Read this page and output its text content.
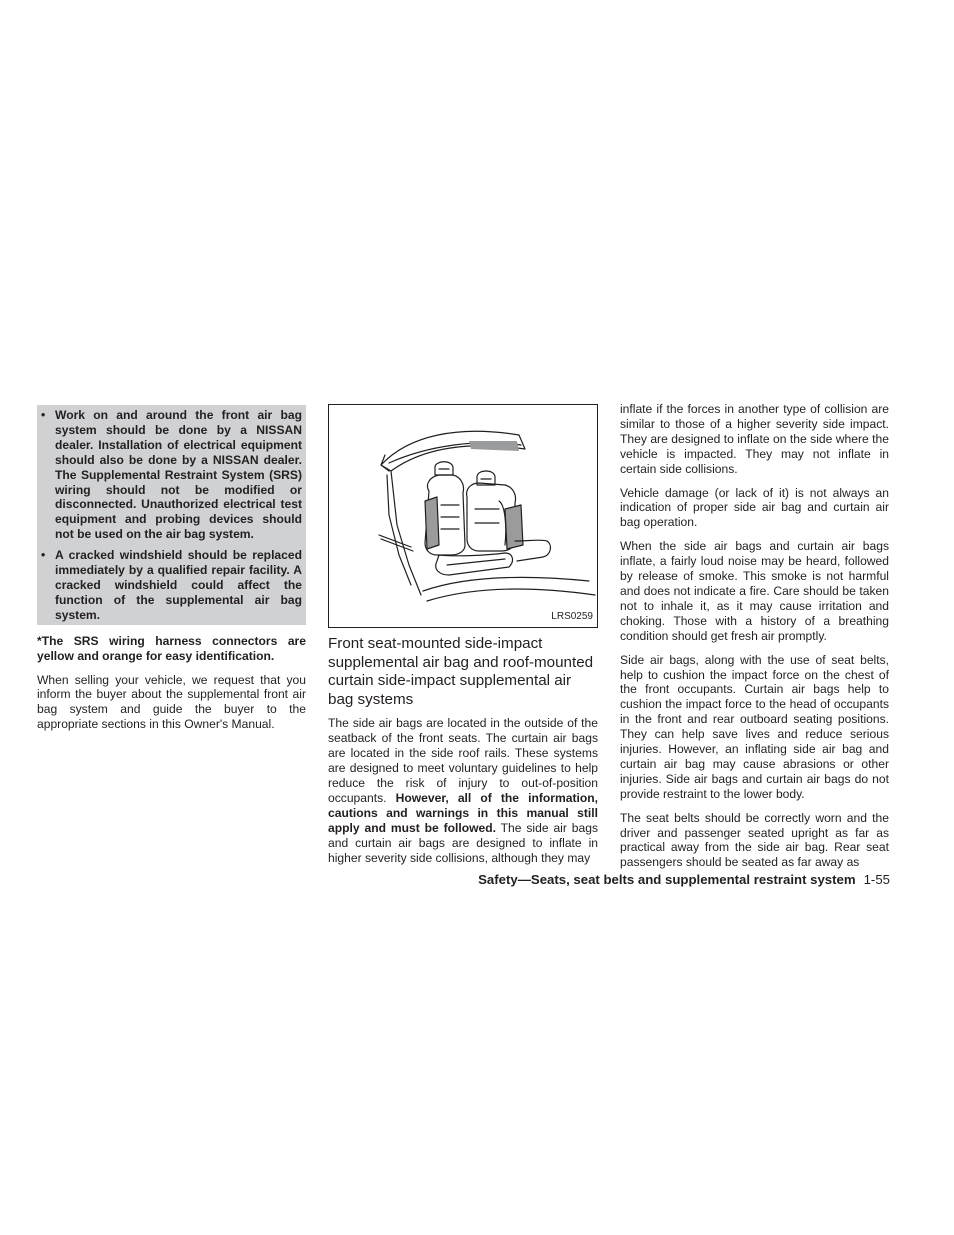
• Work on and around the front air bag system should be done by a NISSAN dealer. Installation of electrical equipment should also be done by a NISSAN dealer. The Supplemental Restraint System (SRS) wiring should not be modified or disconnected. Unauthorized electrical test equipment and probing devices should not be used on the air bag system.
• A cracked windshield should be replaced immediately by a qualified repair facility. A cracked windshield could affect the function of the supplemental air bag system.

*The SRS wiring harness connectors are yellow and orange for easy identification.

When selling your vehicle, we request that you inform the buyer about the supplemental front air bag system and guide the buyer to the appropriate sections in this Owner's Manual.

LRS0259
Front seat-mounted side-impact supplemental air bag and roof-mounted curtain side-impact supplemental air bag systems

The side air bags are located in the outside of the seatback of the front seats. The curtain air bags are located in the side roof rails. These systems are designed to meet voluntary guidelines to help reduce the risk of injury to out-of-position occupants. However, all of the information, cautions and warnings in this manual still apply and must be followed. The side air bags and curtain air bags are designed to inflate in higher severity side collisions, although they may

inflate if the forces in another type of collision are similar to those of a higher severity side impact. They are designed to inflate on the side where the vehicle is impacted. They may not inflate in certain side collisions.

Vehicle damage (or lack of it) is not always an indication of proper side air bag and curtain air bag operation.

When the side air bags and curtain air bags inflate, a fairly loud noise may be heard, followed by release of smoke. This smoke is not harmful and does not indicate a fire. Care should be taken not to inhale it, as it may cause irritation and choking. Those with a history of a breathing condition should get fresh air promptly.

Side air bags, along with the use of seat belts, help to cushion the impact force on the chest of the front occupants. Curtain air bags help to cushion the impact force to the head of occupants in the front and rear outboard seating positions. They can help save lives and reduce serious injuries. However, an inflating side air bag and curtain air bag may cause abrasions or other injuries. Side air bags and curtain air bags do not provide restraint to the lower body.

The seat belts should be correctly worn and the driver and passenger seated upright as far as practical away from the side air bag. Rear seat passengers should be seated as far away as

Safety—Seats, seat belts and supplemental restraint system 1-55
